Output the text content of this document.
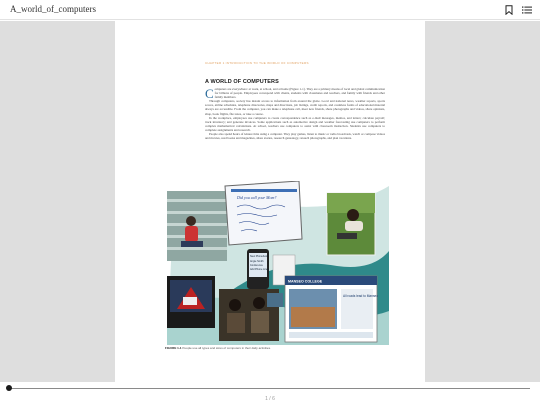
A_world_of_computers
CHAPTER 1 INTRODUCTION TO THE WORLD OF COMPUTERS
A WORLD OF COMPUTERS

Computers are everywhere: at work, at school, and at home (Figure 1-1). They are a primary means of local and global communication for billions of people. Employees correspond with clients, students with classmates and teachers, and family with friends and other family members.

Through computers, society has instant access to information from around the globe. Local and national news, weather reports, sports scores, airline schedules, telephone directories, maps and directions, job listings, credit reports, and countless forms of educational material always are accessible. From the computer, you can make a telephone call, meet new friends, share photographs and videos, share opinions, shop, book flights, file taxes, or take a course.

In the workplace, employees use computers to create correspondence such as e-mail messages, memos, and letters; calculate payroll; track inventory; and generate invoices. Some applications such as automotive design and weather forecasting use computers to perform complex mathematical calculations. At school, teachers use computers to assist with classroom instruction. Students use computers to complete assignments and research.

People also spend hours of leisure time using a computer. They play games, listen to music or radio broadcasts, watch or compose videos and movies, read books and magazines, share stories, research genealogy, retouch photographs, and plan vacations.

Did you call your Mom?
New Phonebook
Angie Smith
Conference
Add Phone Lines
MANSEO COLLEGE
All roads lead to Manseo
FIGURE 1-1 People use all types and sizes of computers in their daily activities.
1 / 6
